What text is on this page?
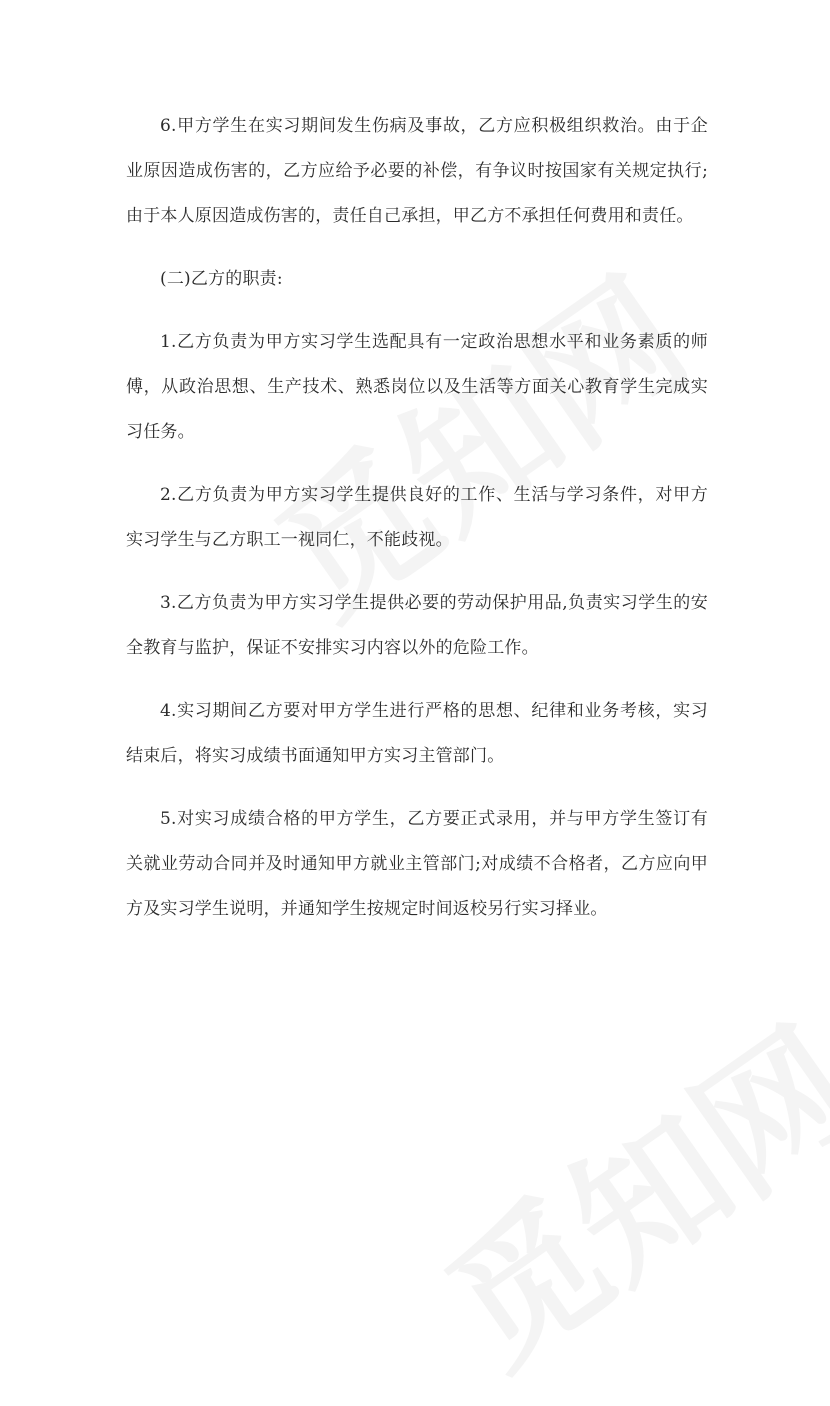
6.甲方学生在实习期间发生伤病及事故，乙方应积极组织救治。由于企业原因造成伤害的，乙方应给予必要的补偿，有争议时按国家有关规定执行;由于本人原因造成伤害的，责任自己承担，甲乙方不承担任何费用和责任。

(二)乙方的职责:

1.乙方负责为甲方实习学生选配具有一定政治思想水平和业务素质的师傅，从政治思想、生产技术、熟悉岗位以及生活等方面关心教育学生完成实习任务。

2.乙方负责为甲方实习学生提供良好的工作、生活与学习条件，对甲方实习学生与乙方职工一视同仁，不能歧视。

3.乙方负责为甲方实习学生提供必要的劳动保护用品,负责实习学生的安全教育与监护，保证不安排实习内容以外的危险工作。

4.实习期间乙方要对甲方学生进行严格的思想、纪律和业务考核，实习结束后，将实习成绩书面通知甲方实习主管部门。

5.对实习成绩合格的甲方学生，乙方要正式录用，并与甲方学生签订有关就业劳动合同并及时通知甲方就业主管部门;对成绩不合格者，乙方应向甲方及实习学生说明，并通知学生按规定时间返校另行实习择业。
